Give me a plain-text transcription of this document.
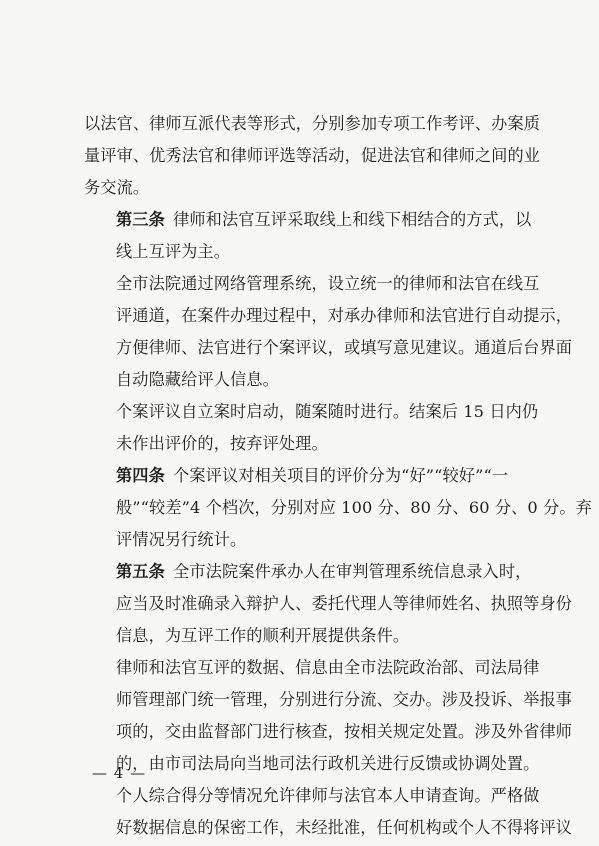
以法官、律师互派代表等形式，分别参加专项工作考评、办案质
量评审、优秀法官和律师评选等活动，促进法官和律师之间的业
务交流。

第三条  律师和法官互评采取线上和线下相结合的方式，以
线上互评为主。

全市法院通过网络管理系统，设立统一的律师和法官在线互
评通道，在案件办理过程中，对承办律师和法官进行自动提示，
方便律师、法官进行个案评议，或填写意见建议。通道后台界面
自动隐藏给评人信息。

个案评议自立案时启动，随案随时进行。结案后 15 日内仍
未作出评价的，按弃评处理。

第四条  个案评议对相关项目的评价分为“好”“较好”“一
般”“较差”4 个档次，分别对应 100 分、80 分、60 分、0 分。弃
评情况另行统计。

第五条  全市法院案件承办人在审判管理系统信息录入时，
应当及时准确录入辩护人、委托代理人等律师姓名、执照等身份
信息，为互评工作的顺利开展提供条件。

律师和法官互评的数据、信息由全市法院政治部、司法局律
师管理部门统一管理，分别进行分流、交办。涉及投诉、举报事
项的，交由监督部门进行核查，按相关规定处置。涉及外省律师
的，由市司法局向当地司法行政机关进行反馈或协调处置。

个人综合得分等情况允许律师与法官本人申请查询。严格做
好数据信息的保密工作，未经批准，任何机构或个人不得将评议

— 4 —
